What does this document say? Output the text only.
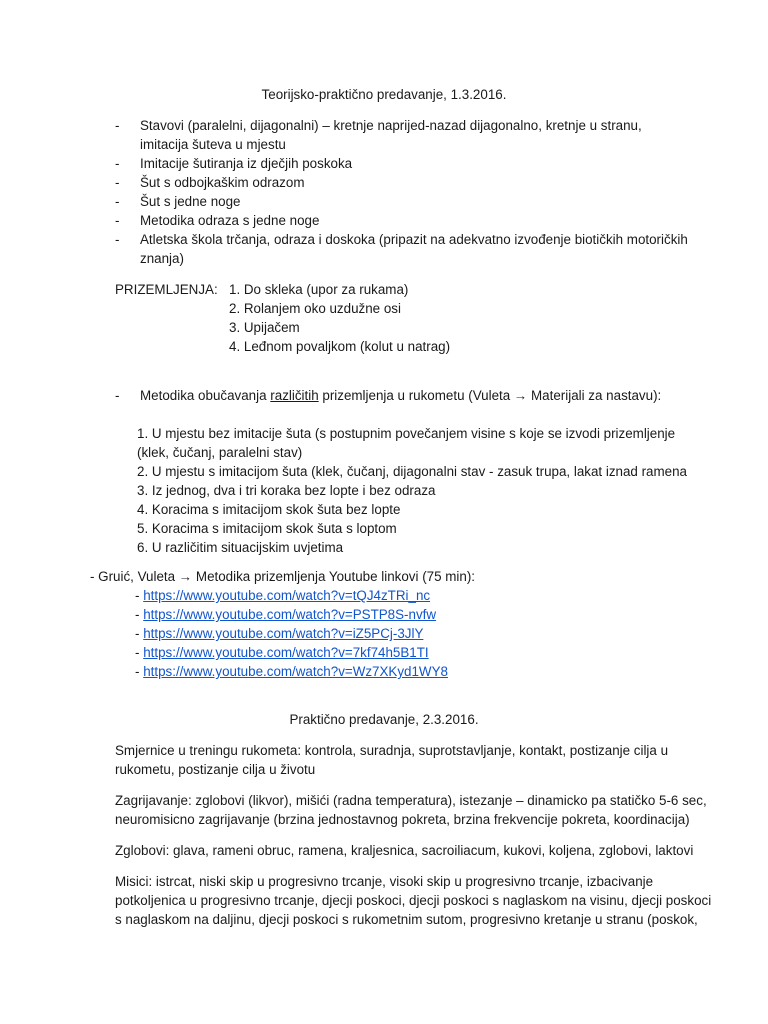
Teorijsko-praktično predavanje, 1.3.2016.
- Stavovi (paralelni, dijagonalni) – kretnje naprijed-nazad dijagonalno, kretnje u stranu,
imitacija šuteva u mjestu
- Imitacije šutiranja iz dječjih poskoka
- Šut s odbojkaškim odrazom
- Šut s jedne noge
- Metodika odraza s jedne noge
- Atletska škola trčanja, odraza i doskoka (pripazit na adekvatno izvođenje biotičkih motoričkih
znanja)
PRIZEMLJENJA: 1. Do skleka (upor za rukama)
2. Rolanjem oko uzdužne osi
3. Upijačem
4. Leđnom povaljkom (kolut u natrag)
- Metodika obučavanja različitih prizemljenja u rukometu (Vuleta → Materijali za nastavu):
1. U mjestu bez imitacije šuta (s postupnim povečanjem visine s koje se izvodi prizemljenje
(klek, čučanj, paralelni stav)
2. U mjestu s imitacijom šuta (klek, čučanj, dijagonalni stav - zasuk trupa, lakat iznad ramena
3. Iz jednog, dva i tri koraka bez lopte i bez odraza
4. Koracima s imitacijom skok šuta bez lopte
5. Koracima s imitacijom skok šuta s loptom
6. U različitim situacijskim uvjetima
- Gruić, Vuleta → Metodika prizemljenja Youtube linkovi (75 min):
- https://www.youtube.com/watch?v=tQJ4zTRi_nc
- https://www.youtube.com/watch?v=PSTP8S-nvfw
- https://www.youtube.com/watch?v=iZ5PCj-3JlY
- https://www.youtube.com/watch?v=7kf74h5B1TI
- https://www.youtube.com/watch?v=Wz7XKyd1WY8
Praktično predavanje, 2.3.2016.
Smjernice u treningu rukometa: kontrola, suradnja, suprotstavljanje, kontakt, postizanje cilja u
rukometu, postizanje cilja u životu
Zagrijavanje: zglobovi (likvor), mišići (radna temperatura), istezanje – dinamicko pa statičko 5-6 sec,
neuromisicno zagrijavanje (brzina jednostavnog pokreta, brzina frekvencije pokreta, koordinacija)
Zglobovi: glava, rameni obruc, ramena, kraljesnica, sacroiliacum, kukovi, koljena, zglobovi, laktovi
Misici: istrcat, niski skip u progresivno trcanje, visoki skip u progresivno trcanje, izbacivanje
potkoljenica u progresivno trcanje, djecji poskoci, djecji poskoci s naglaskom na visinu, djecji poskoci
s naglaskom na daljinu, djecji poskoci s rukometnim sutom, progresivno kretanje u stranu (poskok,
